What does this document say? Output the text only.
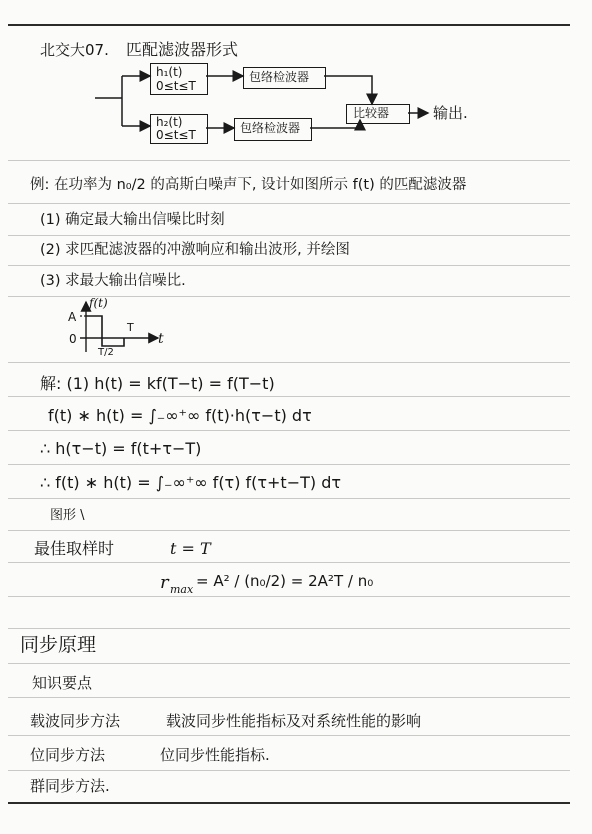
北交大07. 匹配滤波器形式
h₁(t)
0≤t≤T
h₂(t)
0≤t≤T
包络检波器
包络检波器
比较器	输出.
例: 在功率为 n₀/2 的高斯白噪声下, 设计如图所示 f(t) 的匹配滤波器
(1) 确定最大输出信噪比时刻
(2) 求匹配滤波器的冲激响应和输出波形, 并绘图
(3) 求最大输出信噪比.
f(t)
A
0
T/2
T
t
解: (1) h(t) = kf(T−t) = f(T−t)
f(t) ∗ h(t) = ∫₋∞⁺∞ f(t)·h(τ−t) dτ
∴ h(τ−t) = f(t+τ−T)
∴ f(t) ∗ h(t) = ∫₋∞⁺∞ f(τ) f(τ+t−T) dτ
图形 \
最佳取样时	t = T
r max = A² / (n₀/2) = 2A²T / n₀
同步原理
知识要点
载波同步方法	载波同步性能指标及对系统性能的影响
位同步方法	位同步性能指标.
群同步方法.
